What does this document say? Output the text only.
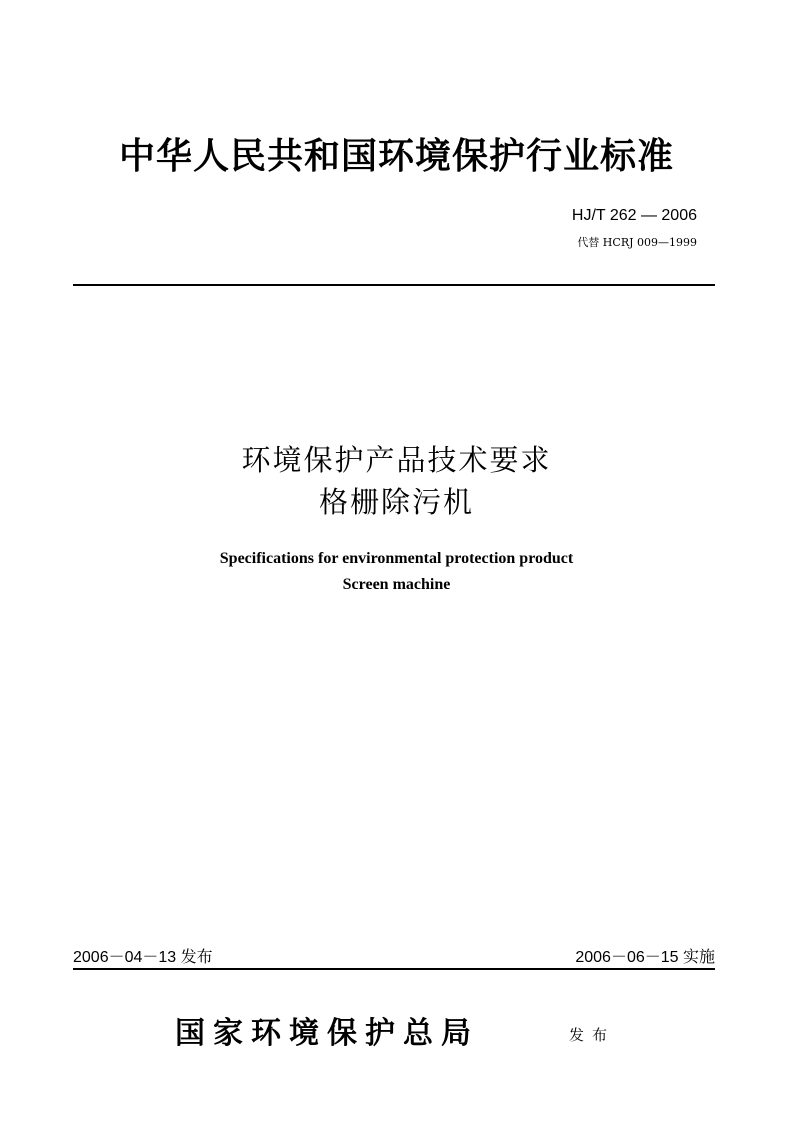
中华人民共和国环境保护行业标准
HJ/T 262 — 2006
代替 HCRJ 009—1999
环境保护产品技术要求
格栅除污机
Specifications for environmental protection product
Screen machine
2006－04－13 发布	2006－06－15 实施
国家环境保护总局	发布
